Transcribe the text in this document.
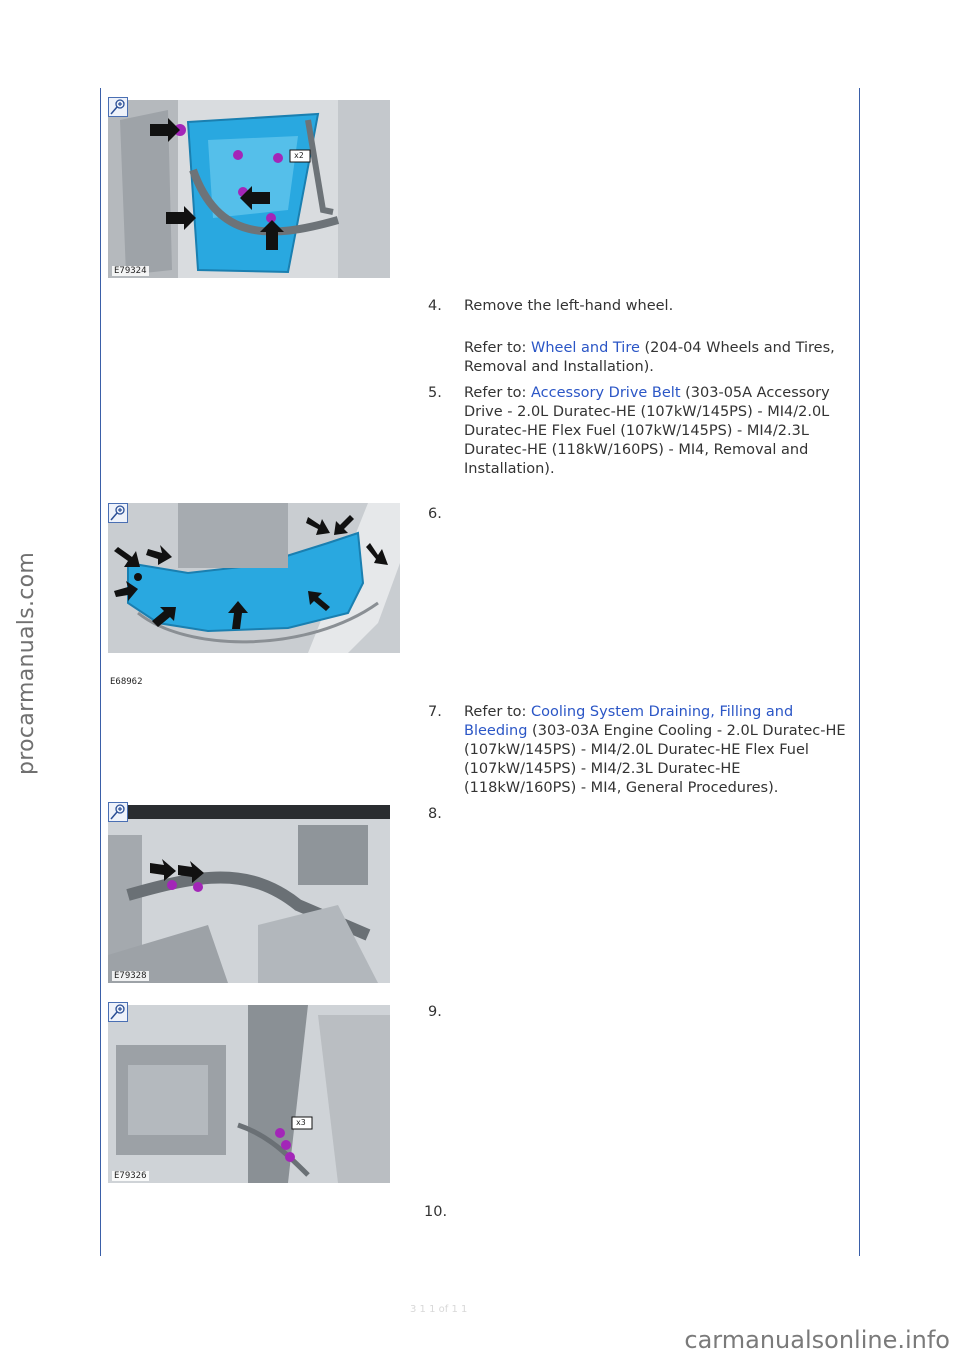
procarmanuals.com
x2
E79324
4.	Remove the left-hand wheel.
Refer to: Wheel and Tire (204-04 Wheels and Tires, Removal and Installation).
5.	Refer to: Accessory Drive Belt (303-05A Accessory Drive - 2.0L Duratec-HE (107kW/145PS) - MI4/2.0L Duratec-HE Flex Fuel (107kW/145PS) - MI4/2.3L Duratec-HE (118kW/160PS) - MI4, Removal and Installation).
E68962
6.
7.	Refer to: Cooling System Draining, Filling and Bleeding (303-03A Engine Cooling - 2.0L Duratec-HE (107kW/145PS) - MI4/2.0L Duratec-HE Flex Fuel (107kW/145PS) - MI4/2.3L Duratec-HE (118kW/160PS) - MI4, General Procedures).
E79328
8.
x3
E79326
9.
10.
3 1 1 of 1 1
carmanualsonline.info
